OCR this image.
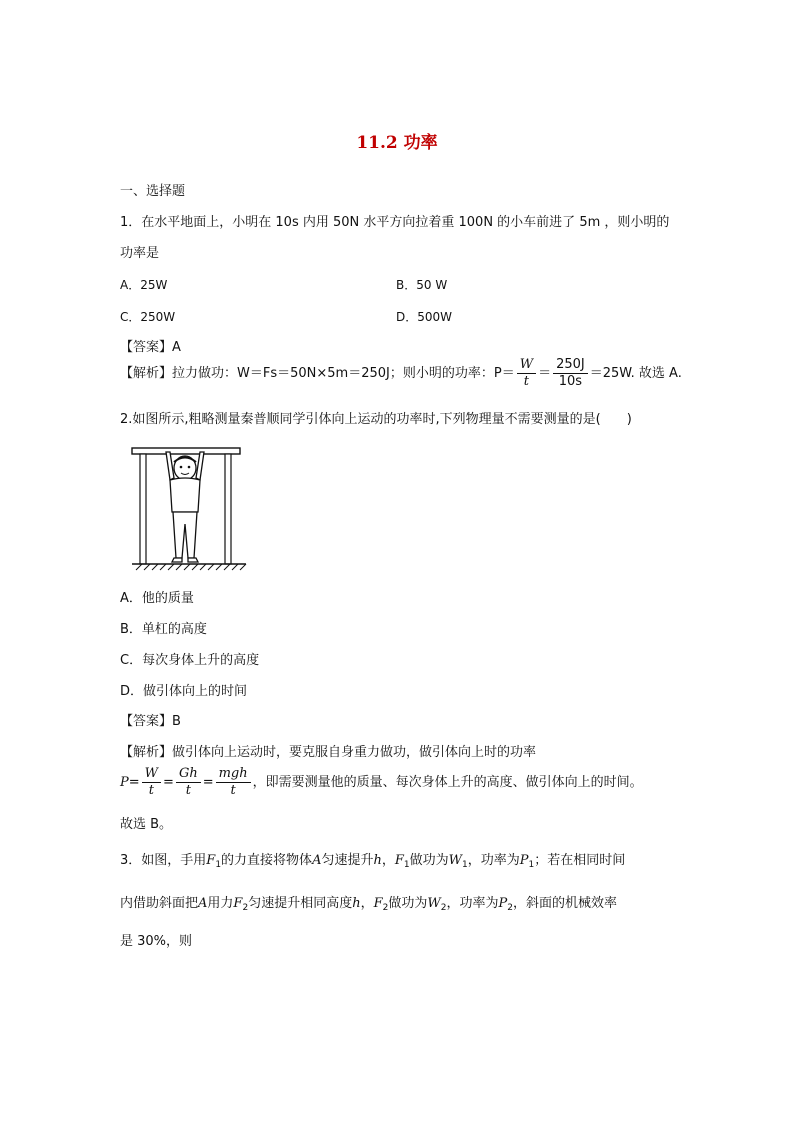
11.2 功率
一、选择题
1．在水平地面上，小明在 10s 内用 50N 水平方向拉着重 100N 的小车前进了 5m ，则小明的
功率是
A．25W	B．50 W
C．250W	D．500W
【答案】A
【解析】拉力做功：W＝Fs＝50N×5m＝250J；则小明的功率：$P= \frac{W}{t} = \frac{250J}{10s} =25W$. 故选 A.
2.如图所示,粗略测量秦普顺同学引体向上运动的功率时,下列物理量不需要测量的是(　　)
A．他的质量
B．单杠的高度
C．每次身体上升的高度
D．做引体向上的时间
【答案】B
【解析】做引体向上运动时，要克服自身重力做功，做引体向上时的功率
$P= \frac{W}{t} = \frac{Gh}{t} = \frac{\text{mgh}}{t}$ ，即需要测量他的质量、每次身体上升的高度、做引体向上的时间。
故选 B。
3．如图，手用$F_1$的力直接将物体A匀速提升h，$F_1$做功为$W_1$，功率为$P_1$；若在相同时间
内借助斜面把A用力$F_2$匀速提升相同高度h，$F_2$做功为$W_2$，功率为$P_2$，斜面的机械效率
是 30%，则
